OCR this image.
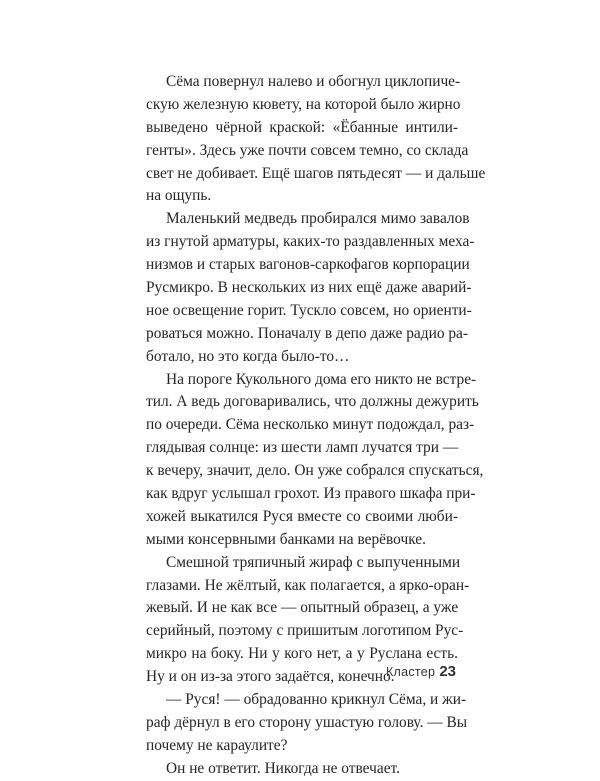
Сёма повернул налево и обогнул циклопиче-
скую железную кювету, на которой было жирно
выведено чёрной краской: «Ёбанные интили-
генты». Здесь уже почти совсем темно, со склада
свет не добивает. Ещё шагов пятьдесят — и дальше
на ощупь.
Маленький медведь пробирался мимо завалов
из гнутой арматуры, каких-то раздавленных меха-
низмов и старых вагонов-саркофагов корпорации
Русмикро. В нескольких из них ещё даже аварий-
ное освещение горит. Тускло совсем, но ориенти-
роваться можно. Поначалу в депо даже радио ра-
ботало, но это когда было-то…
На пороге Кукольного дома его никто не встре-
тил. А ведь договаривались, что должны дежурить
по очереди. Сёма несколько минут подождал, раз-
глядывая солнце: из шести ламп лучатся три —
к вечеру, значит, дело. Он уже собрался спускаться,
как вдруг услышал грохот. Из правого шкафа при-
хожей выкатился Руся вместе со своими люби-
мыми консервными банками на верёвочке.
Смешной тряпичный жираф с выпученными
глазами. Не жёлтый, как полагается, а ярко-оран-
жевый. И не как все — опытный образец, а уже
серийный, поэтому с пришитым логотипом Рус-
микро на боку. Ни у кого нет, а у Руслана есть.
Ну и он из-за этого задаётся, конечно.
— Руся! — обрадованно крикнул Сёма, и жи-
раф дёрнул в его сторону ушастую голову. — Вы
почему не караулите?
Он не ответит. Никогда не отвечает.
Кластер 23
